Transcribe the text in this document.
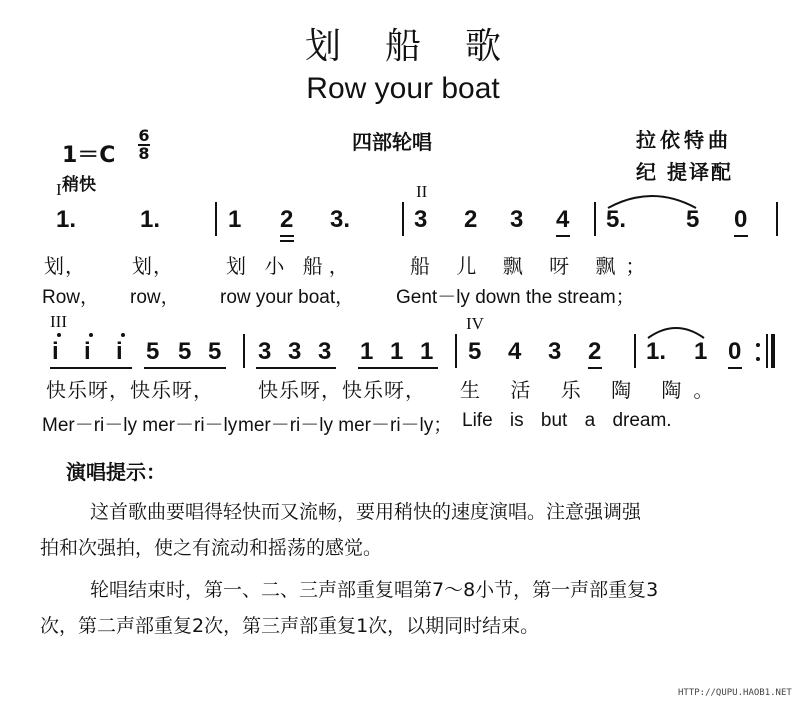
划船歌
Row your boat
1＝C
6
8
稍快
四部轮唱	拉依特曲
纪 提译配
I	II
1.	1.	1 2 3.	3 2 3 4 5. 5 0
划， 划，	划 小 船，	船 儿 飘 呀 飘；
Row， row， row your boat， Gent－ly down the stream；
III	IV
i i i 5 5 5 3 3 3 1 1 1 5 4 3 2 1. 1 0
快乐呀，快乐呀， 快乐呀，快乐呀， 生 活 乐 陶 陶。
Mer－ri－ly mer－ri－ly mer－ri－ly mer－ri－ly； Life is but a dream.
演唱提示：
这首歌曲要唱得轻快而又流畅，要用稍快的速度演唱。注意强调强
拍和次强拍，使之有流动和摇荡的感觉。
轮唱结束时，第一、二、三声部重复唱第7～8小节，第一声部重复3
次，第二声部重复2次，第三声部重复1次，以期同时结束。
HTTP://QUPU.HAOB1.NET
